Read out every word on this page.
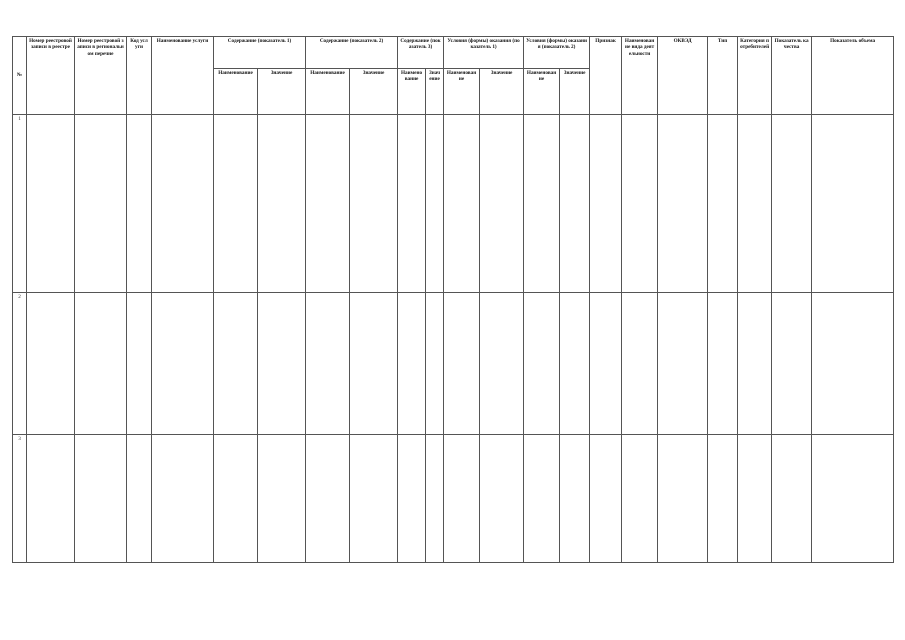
№	Номер реестровой записи в реестре	Номер реестровой записи в региональном перечне	Код услуги	Наименование услуги	Содержание (показатель 1)		Содержание (показатель 2)		Содержание (показатель 3)		Условия (формы) оказания (показатель 1)		Условия (формы) оказания (показатель 2)		Признак	Наименование вида деятельности	ОКВЭД	Тип	Категория потребителей	Показатель качества	Показатель объема
					Наименование	Значение	Наименование	Значение	Наименование	Значение	Наименование	Значение	Наименование	Значение							
1																					
2																					
3																					
